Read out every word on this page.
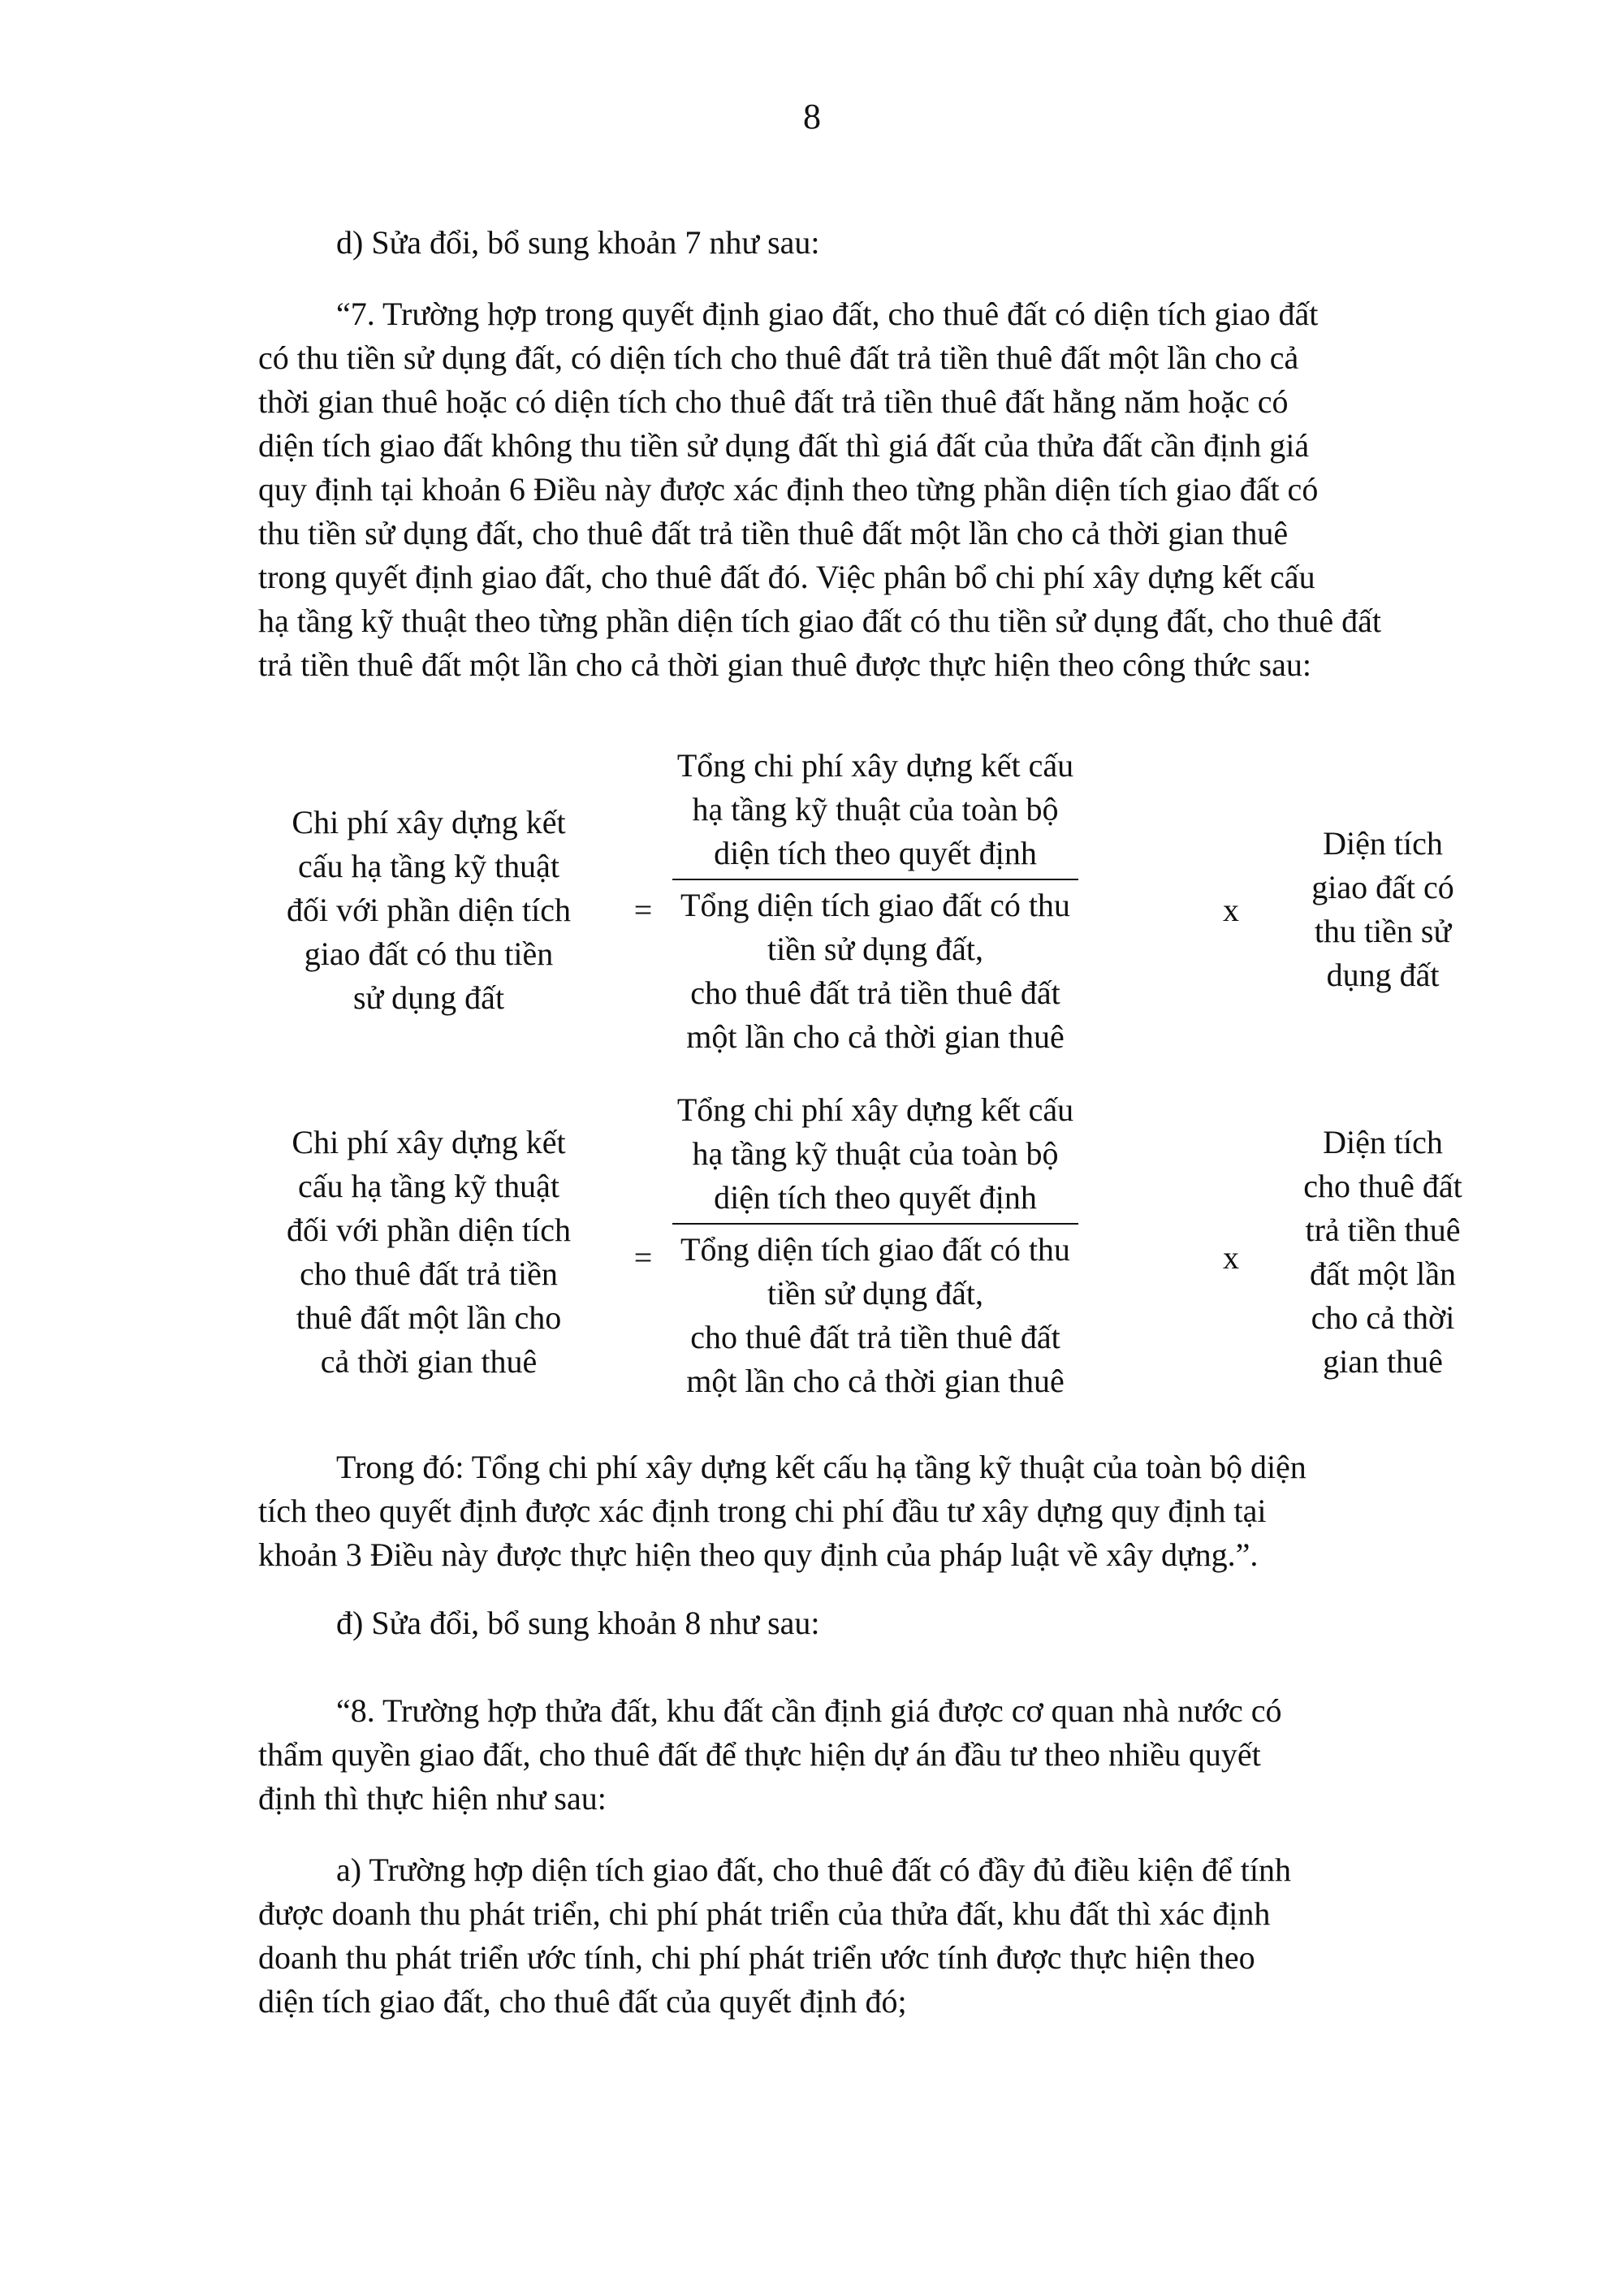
8
d) Sửa đổi, bổ sung khoản 7 như sau:
“7. Trường hợp trong quyết định giao đất, cho thuê đất có diện tích giao đất
có thu tiền sử dụng đất, có diện tích cho thuê đất trả tiền thuê đất một lần cho cả
thời gian thuê hoặc có diện tích cho thuê đất trả tiền thuê đất hằng năm hoặc có
diện tích giao đất không thu tiền sử dụng đất thì giá đất của thửa đất cần định giá
quy định tại khoản 6 Điều này được xác định theo từng phần diện tích giao đất có
thu tiền sử dụng đất, cho thuê đất trả tiền thuê đất một lần cho cả thời gian thuê
trong quyết định giao đất, cho thuê đất đó. Việc phân bổ chi phí xây dựng kết cấu
hạ tầng kỹ thuật theo từng phần diện tích giao đất có thu tiền sử dụng đất, cho thuê đất
trả tiền thuê đất một lần cho cả thời gian thuê được thực hiện theo công thức sau:
Chi phí xây dựng kết
cấu hạ tầng kỹ thuật
đối với phần diện tích
giao đất có thu tiền
sử dụng đất
=
Tổng chi phí xây dựng kết cấu
hạ tầng kỹ thuật của toàn bộ
diện tích theo quyết định
Tổng diện tích giao đất có thu
tiền sử dụng đất,
cho thuê đất trả tiền thuê đất
một lần cho cả thời gian thuê
x
Diện tích
giao đất có
thu tiền sử
dụng đất
Chi phí xây dựng kết
cấu hạ tầng kỹ thuật
đối với phần diện tích
cho thuê đất trả tiền
thuê đất một lần cho
cả thời gian thuê
=
Tổng chi phí xây dựng kết cấu
hạ tầng kỹ thuật của toàn bộ
diện tích theo quyết định
Tổng diện tích giao đất có thu
tiền sử dụng đất,
cho thuê đất trả tiền thuê đất
một lần cho cả thời gian thuê
x
Diện tích
cho thuê đất
trả tiền thuê
đất một lần
cho cả thời
gian thuê
Trong đó: Tổng chi phí xây dựng kết cấu hạ tầng kỹ thuật của toàn bộ diện
tích theo quyết định được xác định trong chi phí đầu tư xây dựng quy định tại
khoản 3 Điều này được thực hiện theo quy định của pháp luật về xây dựng.”.
đ) Sửa đổi, bổ sung khoản 8 như sau:
“8. Trường hợp thửa đất, khu đất cần định giá được cơ quan nhà nước có
thẩm quyền giao đất, cho thuê đất để thực hiện dự án đầu tư theo nhiều quyết
định thì thực hiện như sau:
a) Trường hợp diện tích giao đất, cho thuê đất có đầy đủ điều kiện để tính
được doanh thu phát triển, chi phí phát triển của thửa đất, khu đất thì xác định
doanh thu phát triển ước tính, chi phí phát triển ước tính được thực hiện theo
diện tích giao đất, cho thuê đất của quyết định đó;
